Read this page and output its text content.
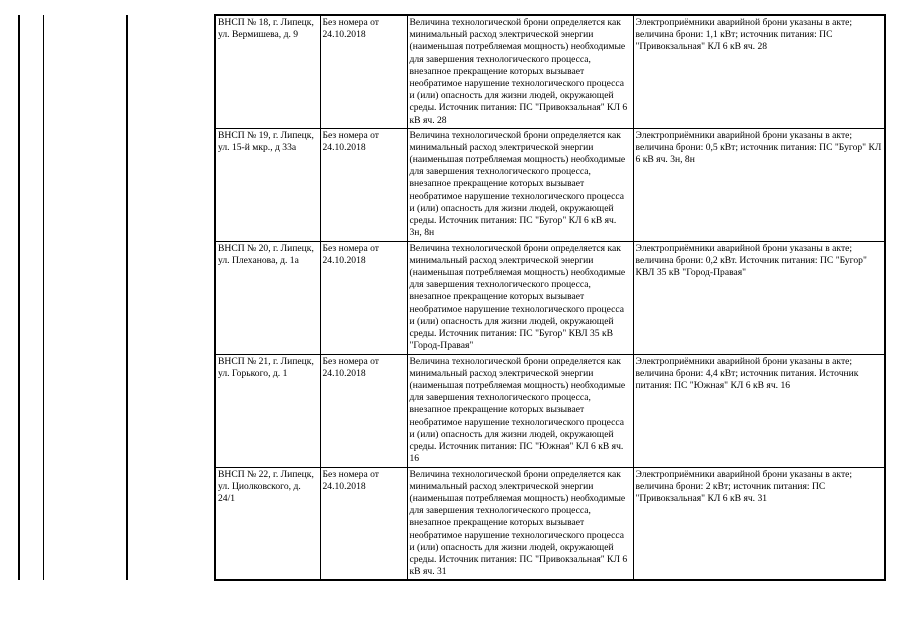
			ВНСП № 18, г. Липецк, ул. Вермишева, д. 9	Без номера от 24.10.2018	Величина технологической брони определяется как минимальный расход электрической энергии (наименьшая потребляемая мощность) необходимые для завершения технологического процесса, внезапное прекращение которых вызывает необратимое нарушение технологического процесса и (или) опасность для жизни людей, окружающей среды. Источник питания: ПС "Привокзальная" КЛ 6 кВ яч. 28	Электроприёмники аварийной брони указаны в акте; величина брони: 1,1 кВт; источник питания: ПС "Привокзальная" КЛ 6 кВ яч. 28
			ВНСП № 19, г. Липецк, ул. 15-й мкр., д 33а	Без номера от 24.10.2018	Величина технологической брони определяется как минимальный расход электрической энергии (наименьшая потребляемая мощность) необходимые для завершения технологического процесса, внезапное прекращение которых вызывает необратимое нарушение технологического процесса и (или) опасность для жизни людей, окружающей среды. Источник питания: ПС "Бугор" КЛ 6 кВ яч. 3н, 8н	Электроприёмники аварийной брони указаны в акте; величина брони: 0,5 кВт; источник питания: ПС "Бугор" КЛ 6 кВ яч. 3н, 8н
			ВНСП № 20, г. Липецк, ул. Плеханова, д. 1а	Без номера от 24.10.2018	Величина технологической брони определяется как минимальный расход электрической энергии (наименьшая потребляемая мощность) необходимые для завершения технологического процесса, внезапное прекращение которых вызывает необратимое нарушение технологического процесса и (или) опасность для жизни людей, окружающей среды. Источник питания: ПС "Бугор" КВЛ 35 кВ "Город-Правая"	Электроприёмники аварийной брони указаны в акте; величина брони: 0,2 кВт. Источник питания: ПС "Бугор" КВЛ 35 кВ "Город-Правая"
			ВНСП № 21, г. Липецк, ул. Горького, д. 1	Без номера от 24.10.2018	Величина технологической брони определяется как минимальный расход электрической энергии (наименьшая потребляемая мощность) необходимые для завершения технологического процесса, внезапное прекращение которых вызывает необратимое нарушение технологического процесса и (или) опасность для жизни людей, окружающей среды. Источник питания: ПС "Южная" КЛ 6 кВ яч. 16	Электроприёмники аварийной брони указаны в акте; величина брони: 4,4 кВт; источник питания. Источник питания: ПС "Южная" КЛ 6 кВ яч. 16
			ВНСП № 22, г. Липецк, ул. Циолковского, д. 24/1	Без номера от 24.10.2018	Величина технологической брони определяется как минимальный расход электрической энергии (наименьшая потребляемая мощность) необходимые для завершения технологического процесса, внезапное прекращение которых вызывает необратимое нарушение технологического процесса и (или) опасность для жизни людей, окружающей среды. Источник питания: ПС "Привокзальная" КЛ 6 кВ яч. 31	Электроприёмники аварийной брони указаны в акте; величина брони: 2 кВт; источник питания: ПС "Привокзальная" КЛ 6 кВ яч. 31
